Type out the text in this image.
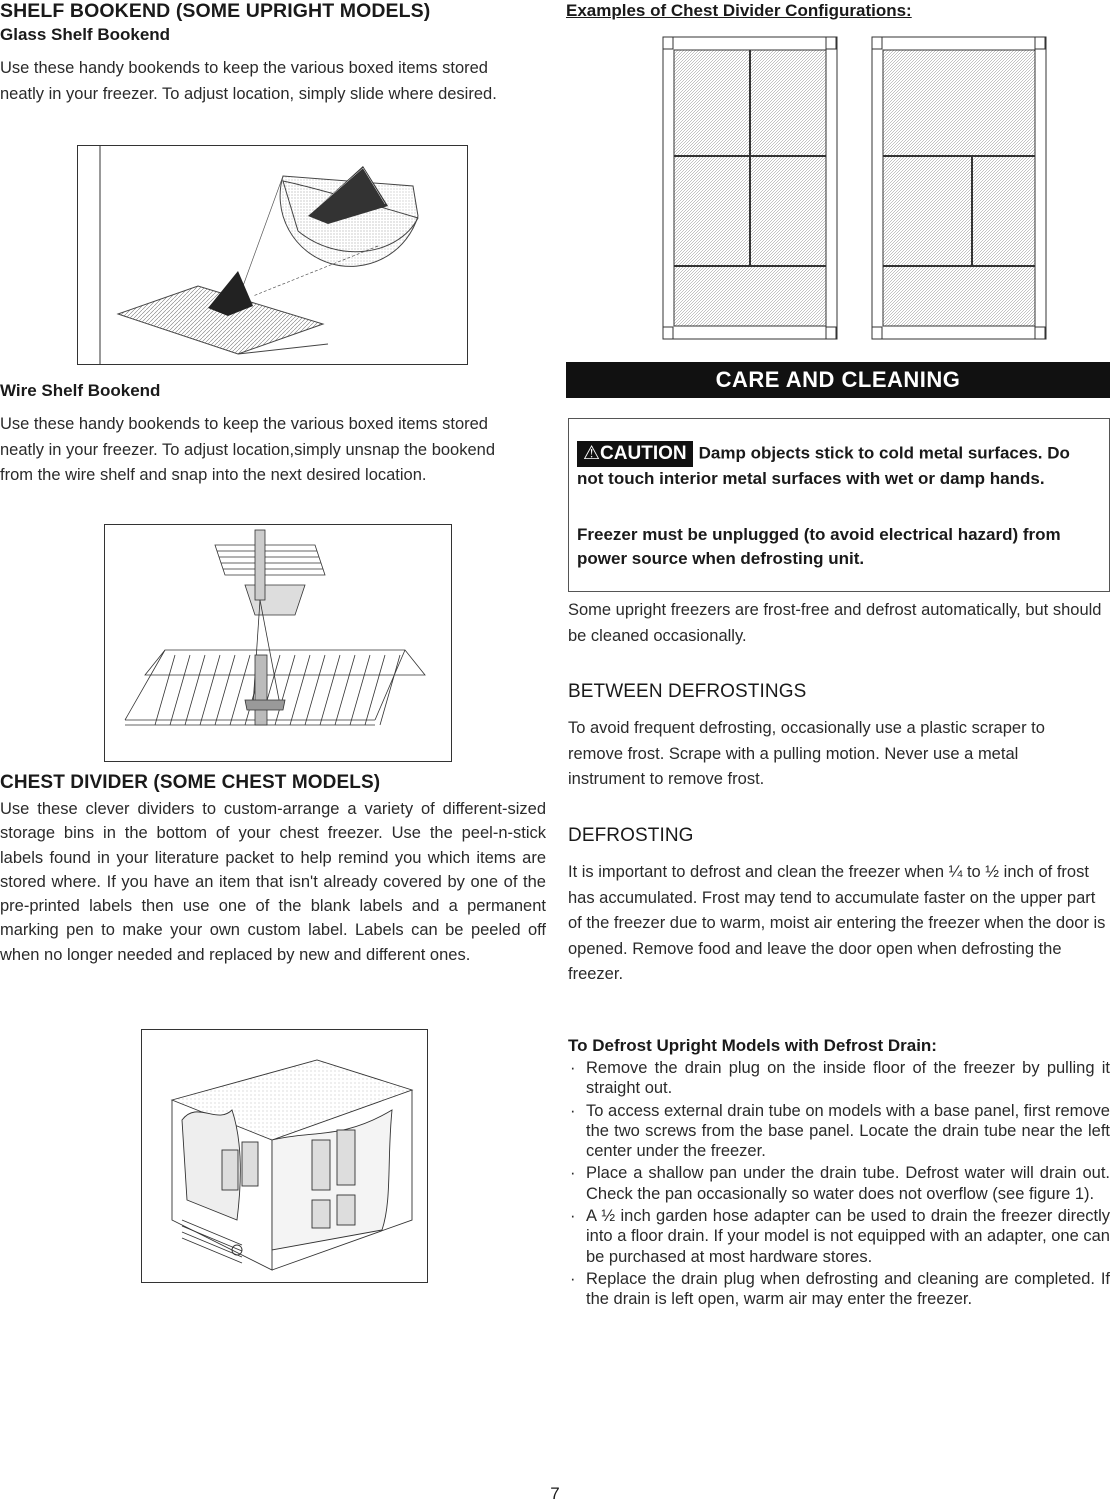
SHELF BOOKEND (SOME UPRIGHT MODELS)
Glass Shelf Bookend

Use these handy bookends to keep the various boxed items stored neatly in your freezer. To adjust location, simply slide where desired.

Wire Shelf Bookend

Use these handy bookends to keep the various boxed items stored neatly in your freezer. To adjust location,simply unsnap the bookend from the wire shelf and snap into the next desired location.

CHEST DIVIDER (SOME CHEST MODELS)

Use these clever dividers to custom-arrange a variety of different-sized storage bins in the bottom of your chest freezer. Use the peel-n-stick labels found in your literature packet to help remind you which items are stored where. If you have an item that isn't already covered by one of the pre-printed labels then use one of the blank labels and a permanent marking pen to make your own custom label. Labels can be peeled off when no longer needed and replaced by new and different ones.

Examples of Chest Divider Configurations:
CARE AND CLEANING
⚠CAUTION Damp objects stick to cold metal surfaces. Do not touch interior metal surfaces with wet or damp hands.
Freezer must be unplugged (to avoid electrical hazard) from power source when defrosting unit.

Some upright freezers are frost-free and defrost automatically, but should be cleaned occasionally.

BETWEEN DEFROSTINGS

To avoid frequent defrosting, occasionally use a plastic scraper to remove frost. Scrape with a pulling motion. Never use a metal instrument to remove frost.

DEFROSTING

It is important to defrost and clean the freezer when ¼ to ½ inch of frost has accumulated. Frost may tend to accumulate faster on the upper part of the freezer due to warm, moist air entering the freezer when the door is opened. Remove food and leave the door open when defrosting the freezer.

To Defrost Upright Models with Defrost Drain:
· Remove the drain plug on the inside floor of the freezer by pulling it straight out.
· To access external drain tube on models with a base panel, first remove the two screws from the base panel. Locate the drain tube near the left center under the freezer.
· Place a shallow pan under the drain tube. Defrost water will drain out. Check the pan occasionally so water does not overflow (see figure 1).
· A ½ inch garden hose adapter can be used to drain the freezer directly into a floor drain. If your model is not equipped with an adapter, one can be purchased at most hardware stores.
· Replace the drain plug when defrosting and cleaning are completed. If the drain is left open, warm air may enter the freezer.
7
